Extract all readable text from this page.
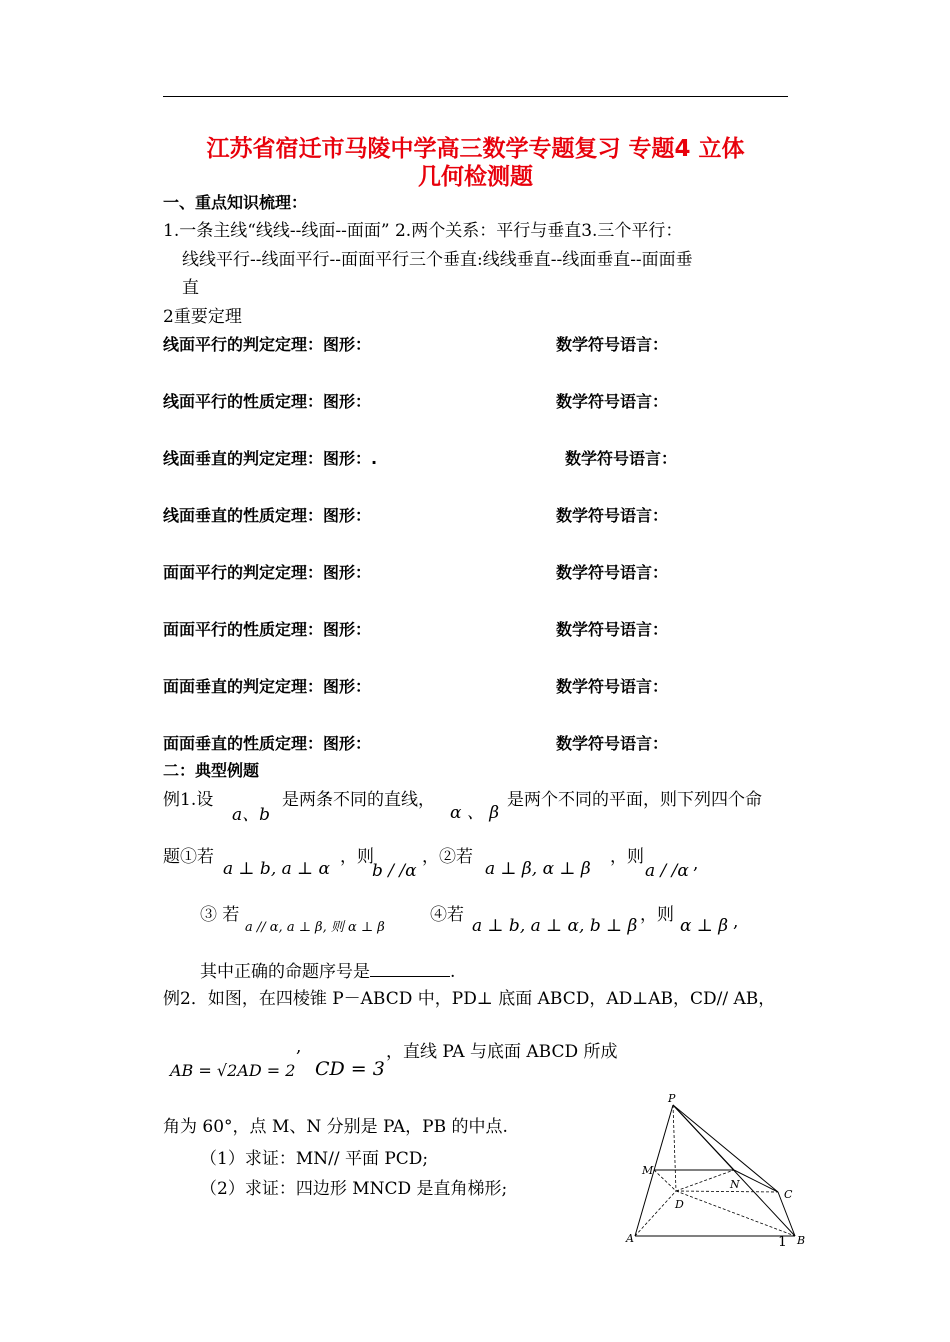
江苏省宿迁市马陵中学高三数学专题复习 专题4 立体
几何检测题
一、重点知识梳理：
1.一条主线“线线--线面--面面” 2.两个关系：平行与垂直3.三个平行：
线线平行--线面平行--面面平行三个垂直:线线垂直--线面垂直--面面垂
直
2重要定理
线面平行的判定定理：图形：	数学符号语言：
线面平行的性质定理：图形：	数学符号语言：
线面垂直的判定定理：图形：.	数学符号语言：
线面垂直的性质定理：图形：	数学符号语言：
面面平行的判定定理：图形：	数学符号语言：
面面平行的性质定理：图形：	数学符号语言：
面面垂直的判定定理：图形：	数学符号语言：
面面垂直的性质定理：图形：	数学符号语言：
二：典型例题
例1.设
a、b
是两条不同的直线，
α 、 β
是两个不同的平面，则下列四个命
题①若
a ⊥ b, a ⊥ α
，则
b / /α
，②若
a ⊥ β, α ⊥ β
，则
a / /α ,
③ 若
a // α, a ⊥ β, 则 α ⊥ β
④若
a ⊥ b, a ⊥ α, b ⊥ β
，则
α ⊥ β ,
其中正确的命题序号是	.
例2．如图，在四棱锥 P－ABCD 中，PD⊥ 底面 ABCD，AD⊥AB，CD// AB，
AB = √2AD = 2
,
CD = 3
，直线 PA 与底面 ABCD 所成
角为 60°，点 M、N 分别是 PA，PB 的中点.
（1）求证：MN// 平面 PCD;
（2）求证：四边形 MNCD 是直角梯形;
P
M
N
C
D
A	B
1
